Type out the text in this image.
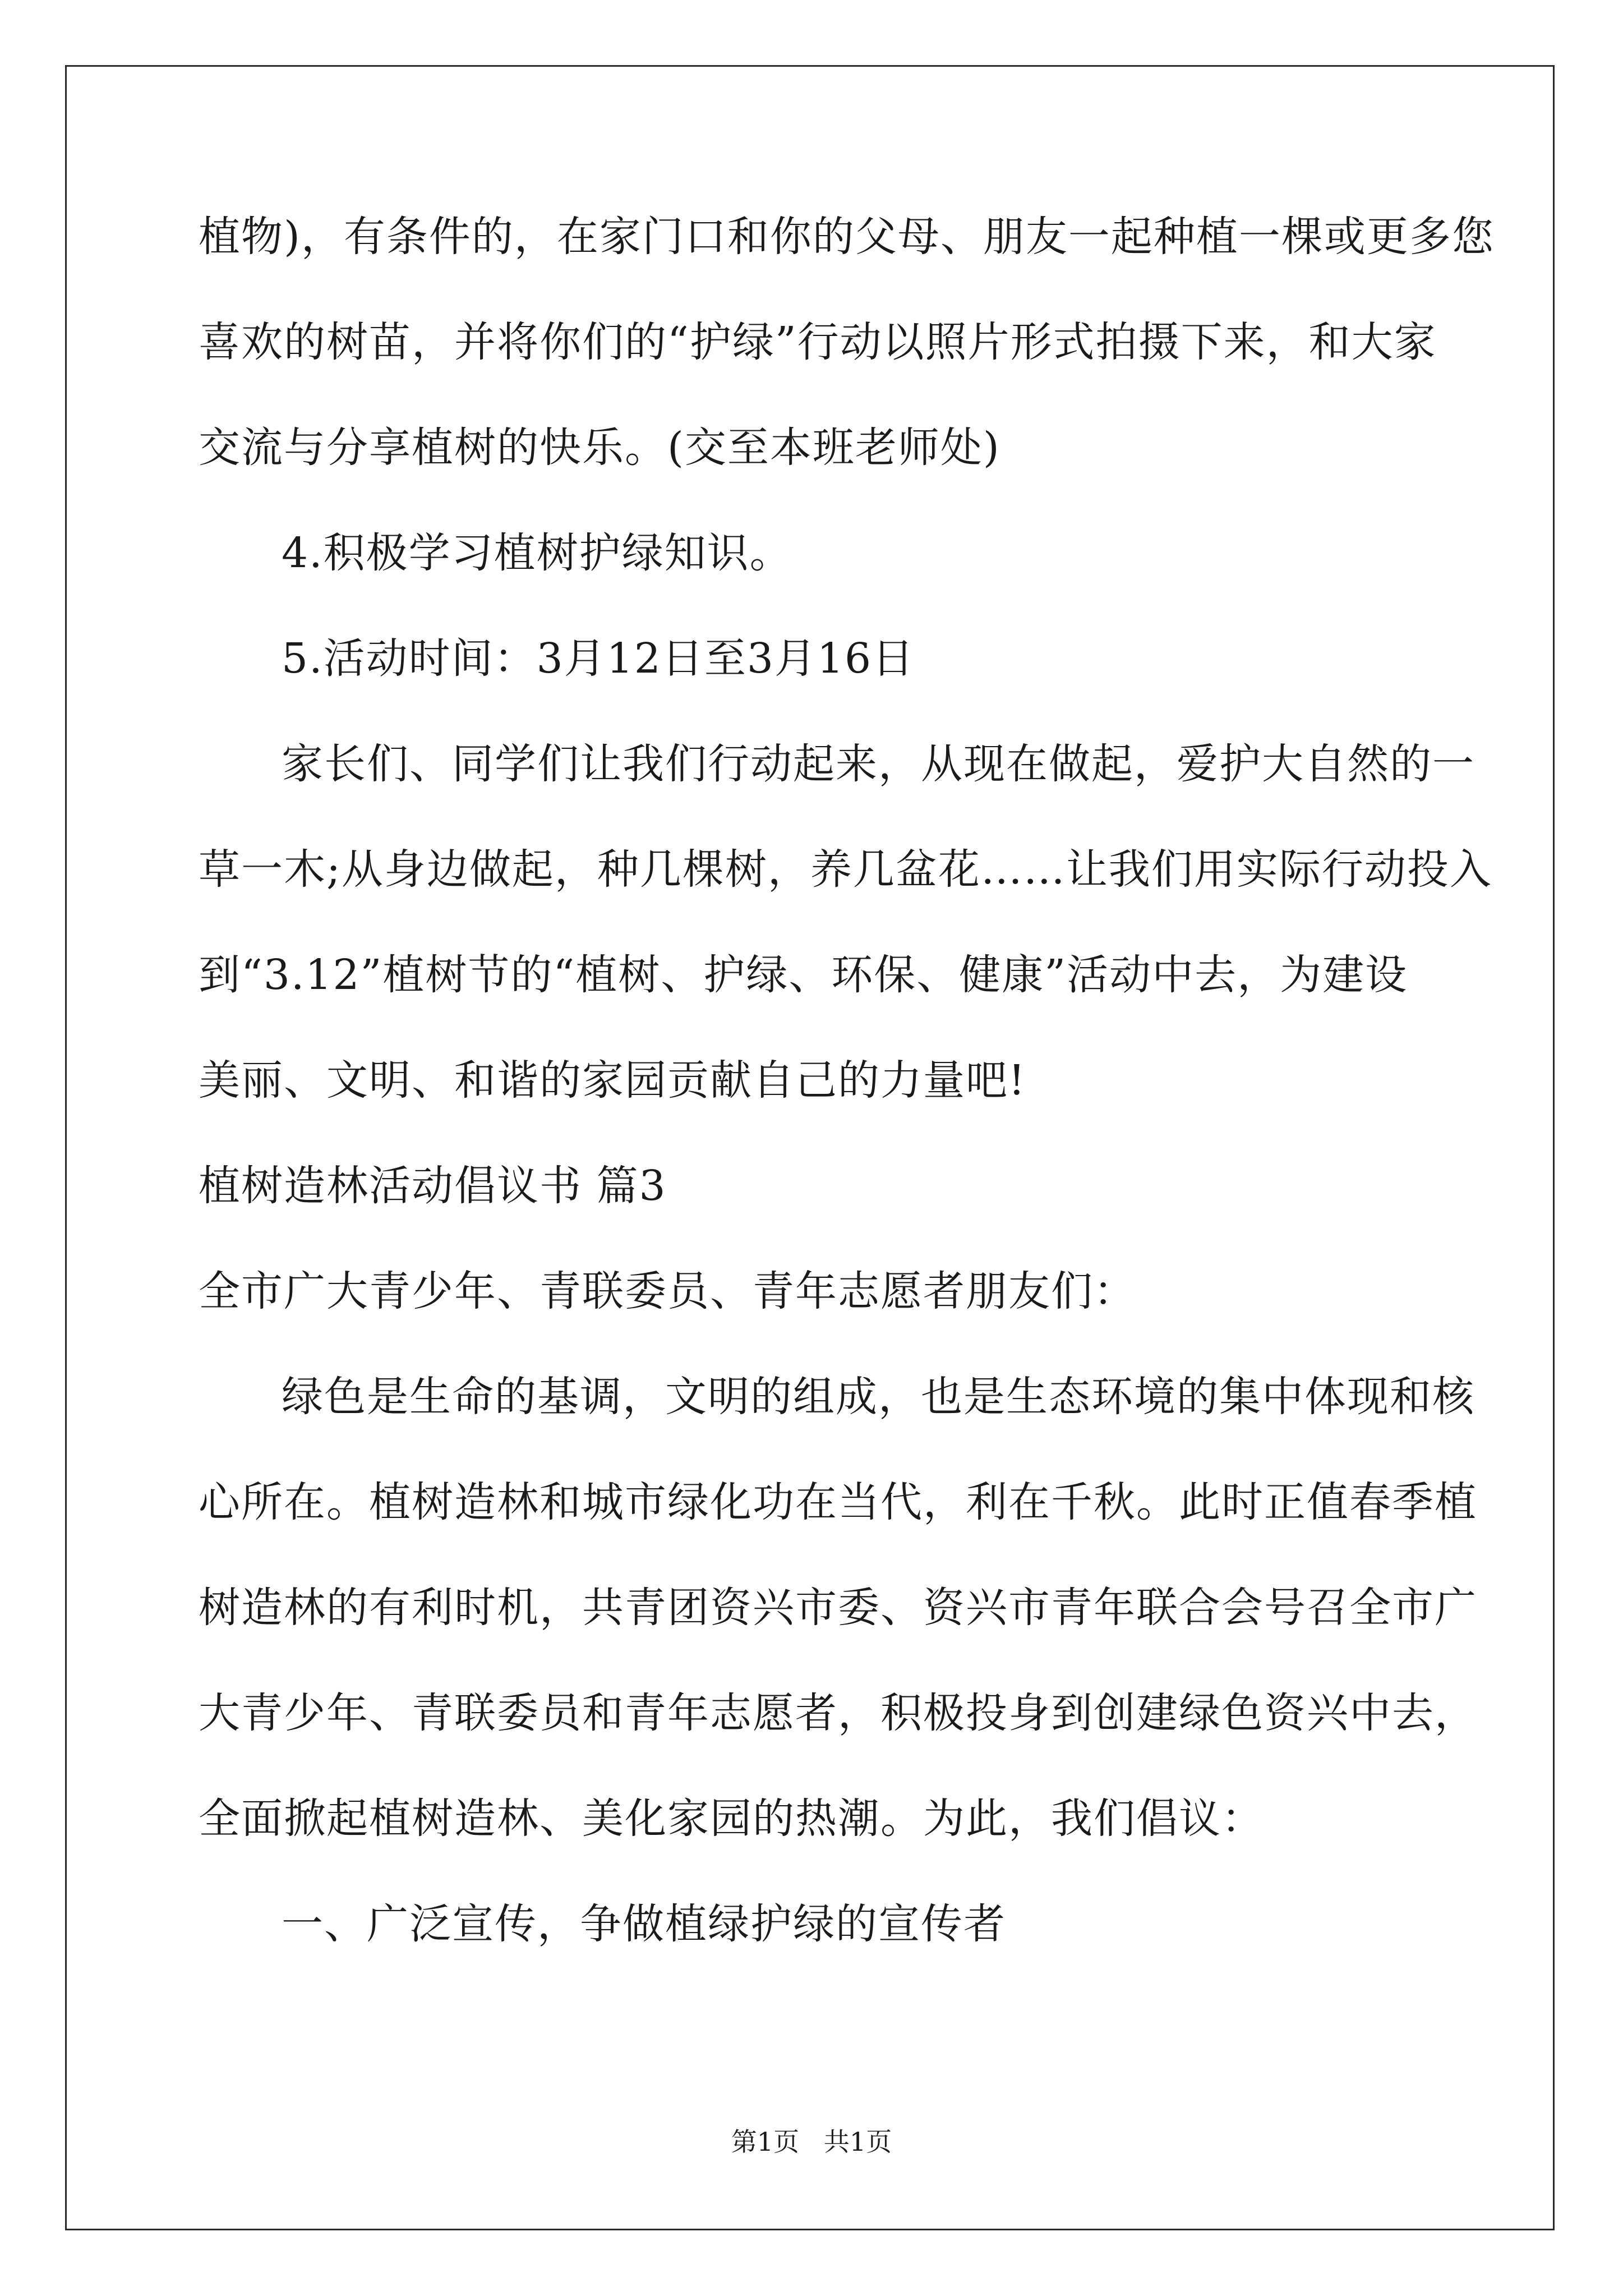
植物)，有条件的，在家门口和你的父母、朋友一起种植一棵或更多您
喜欢的树苗，并将你们的“护绿”行动以照片形式拍摄下来，和大家
交流与分享植树的快乐。(交至本班老师处)
4.积极学习植树护绿知识。
5.活动时间：3月12日至3月16日
家长们、同学们让我们行动起来，从现在做起，爱护大自然的一
草一木;从身边做起，种几棵树，养几盆花……让我们用实际行动投入
到“3.12”植树节的“植树、护绿、环保、健康”活动中去，为建设
美丽、文明、和谐的家园贡献自己的力量吧!
植树造林活动倡议书 篇3
全市广大青少年、青联委员、青年志愿者朋友们：
绿色是生命的基调，文明的组成，也是生态环境的集中体现和核
心所在。植树造林和城市绿化功在当代，利在千秋。此时正值春季植
树造林的有利时机，共青团资兴市委、资兴市青年联合会号召全市广
大青少年、青联委员和青年志愿者，积极投身到创建绿色资兴中去，
全面掀起植树造林、美化家园的热潮。为此，我们倡议：
一、广泛宣传，争做植绿护绿的宣传者
第1页   共1页
